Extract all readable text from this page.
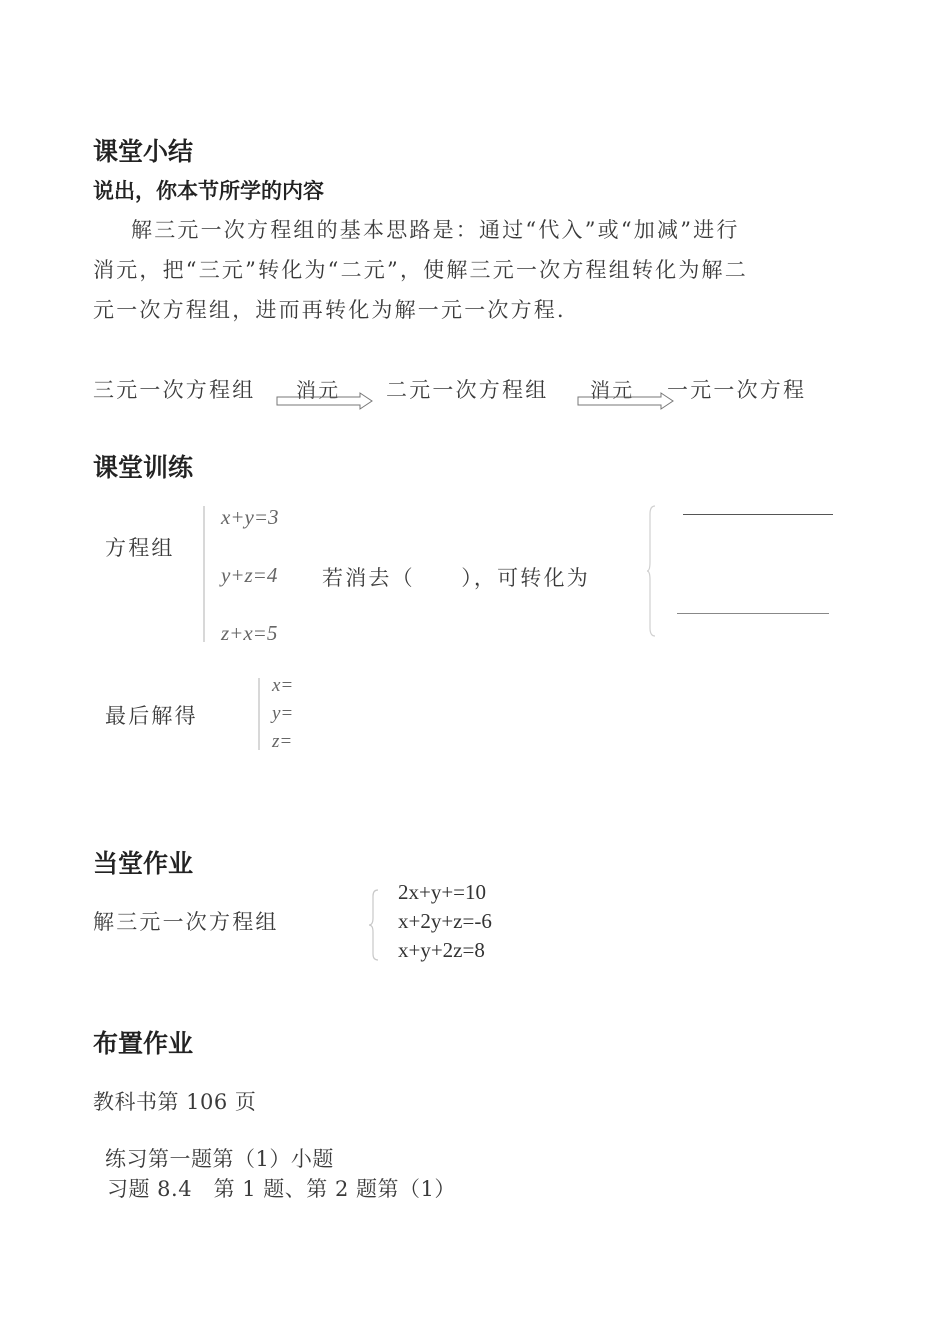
课堂小结
说出，你本节所学的内容
解三元一次方程组的基本思路是：通过“代入”或“加减”进行
消元，把“三元”转化为“二元”，使解三元一次方程组转化为解二
元一次方程组，进而再转化为解一元一次方程．
三元一次方程组 消元 二元一次方程组 消元 一元一次方程
课堂训练
方程组
x+y=3
y+z=4
z+x=5
若消去（　　），可转化为
最后解得
x=
y=
z=
当堂作业
解三元一次方程组
2x+y+=10
x+2y+z=-6
x+y+2z=8
布置作业
教科书第 106 页
练习第一题第（1）小题
习题 8.4　第 1 题、第 2 题第（1）
